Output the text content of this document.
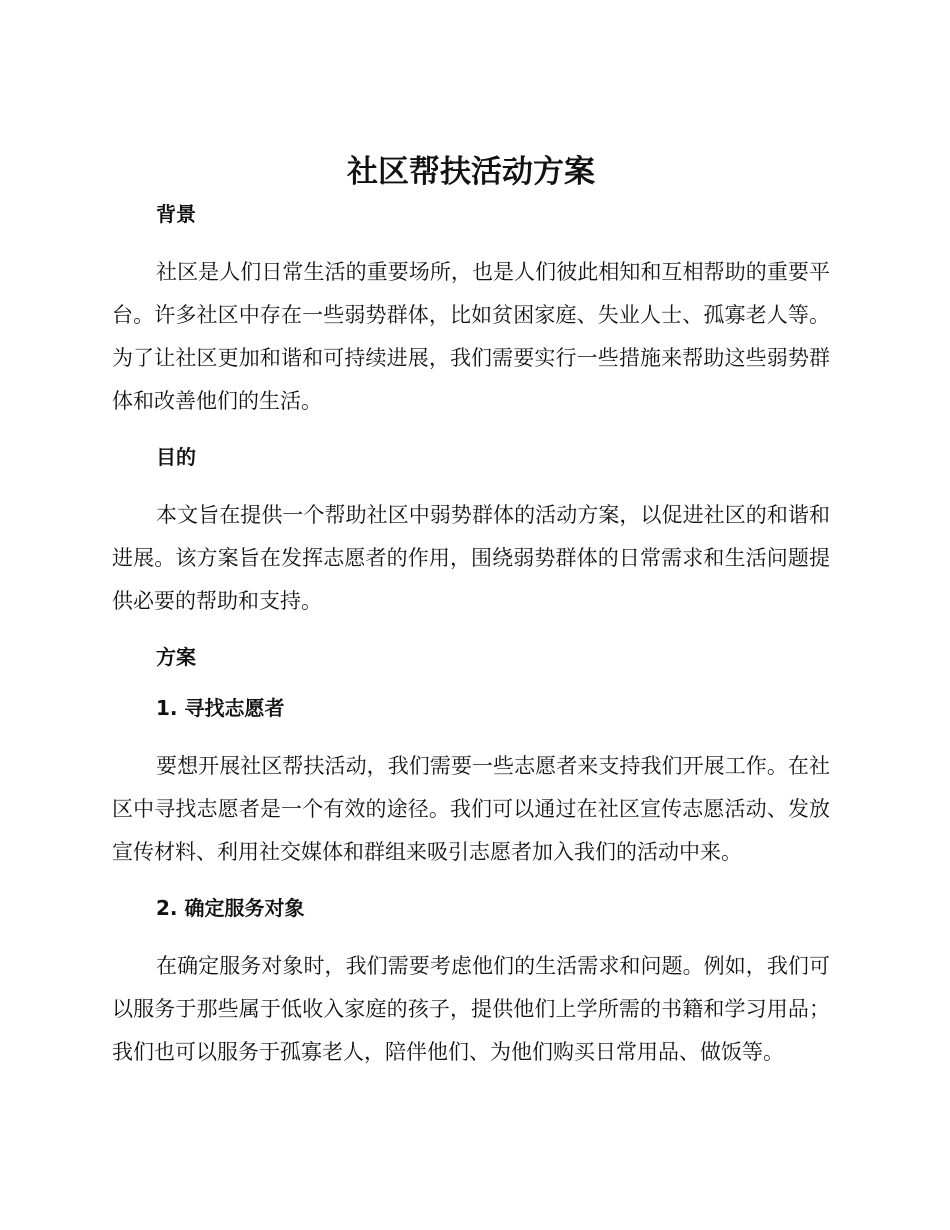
社区帮扶活动方案
背景

社区是人们日常生活的重要场所，也是人们彼此相知和互相帮助的重要平台。许多社区中存在一些弱势群体，比如贫困家庭、失业人士、孤寡老人等。为了让社区更加和谐和可持续进展，我们需要实行一些措施来帮助这些弱势群体和改善他们的生活。

目的

本文旨在提供一个帮助社区中弱势群体的活动方案，以促进社区的和谐和进展。该方案旨在发挥志愿者的作用，围绕弱势群体的日常需求和生活问题提供必要的帮助和支持。

方案
1. 寻找志愿者

要想开展社区帮扶活动，我们需要一些志愿者来支持我们开展工作。在社区中寻找志愿者是一个有效的途径。我们可以通过在社区宣传志愿活动、发放宣传材料、利用社交媒体和群组来吸引志愿者加入我们的活动中来。

2. 确定服务对象

在确定服务对象时，我们需要考虑他们的生活需求和问题。例如，我们可以服务于那些属于低收入家庭的孩子，提供他们上学所需的书籍和学习用品；我们也可以服务于孤寡老人，陪伴他们、为他们购买日常用品、做饭等。
